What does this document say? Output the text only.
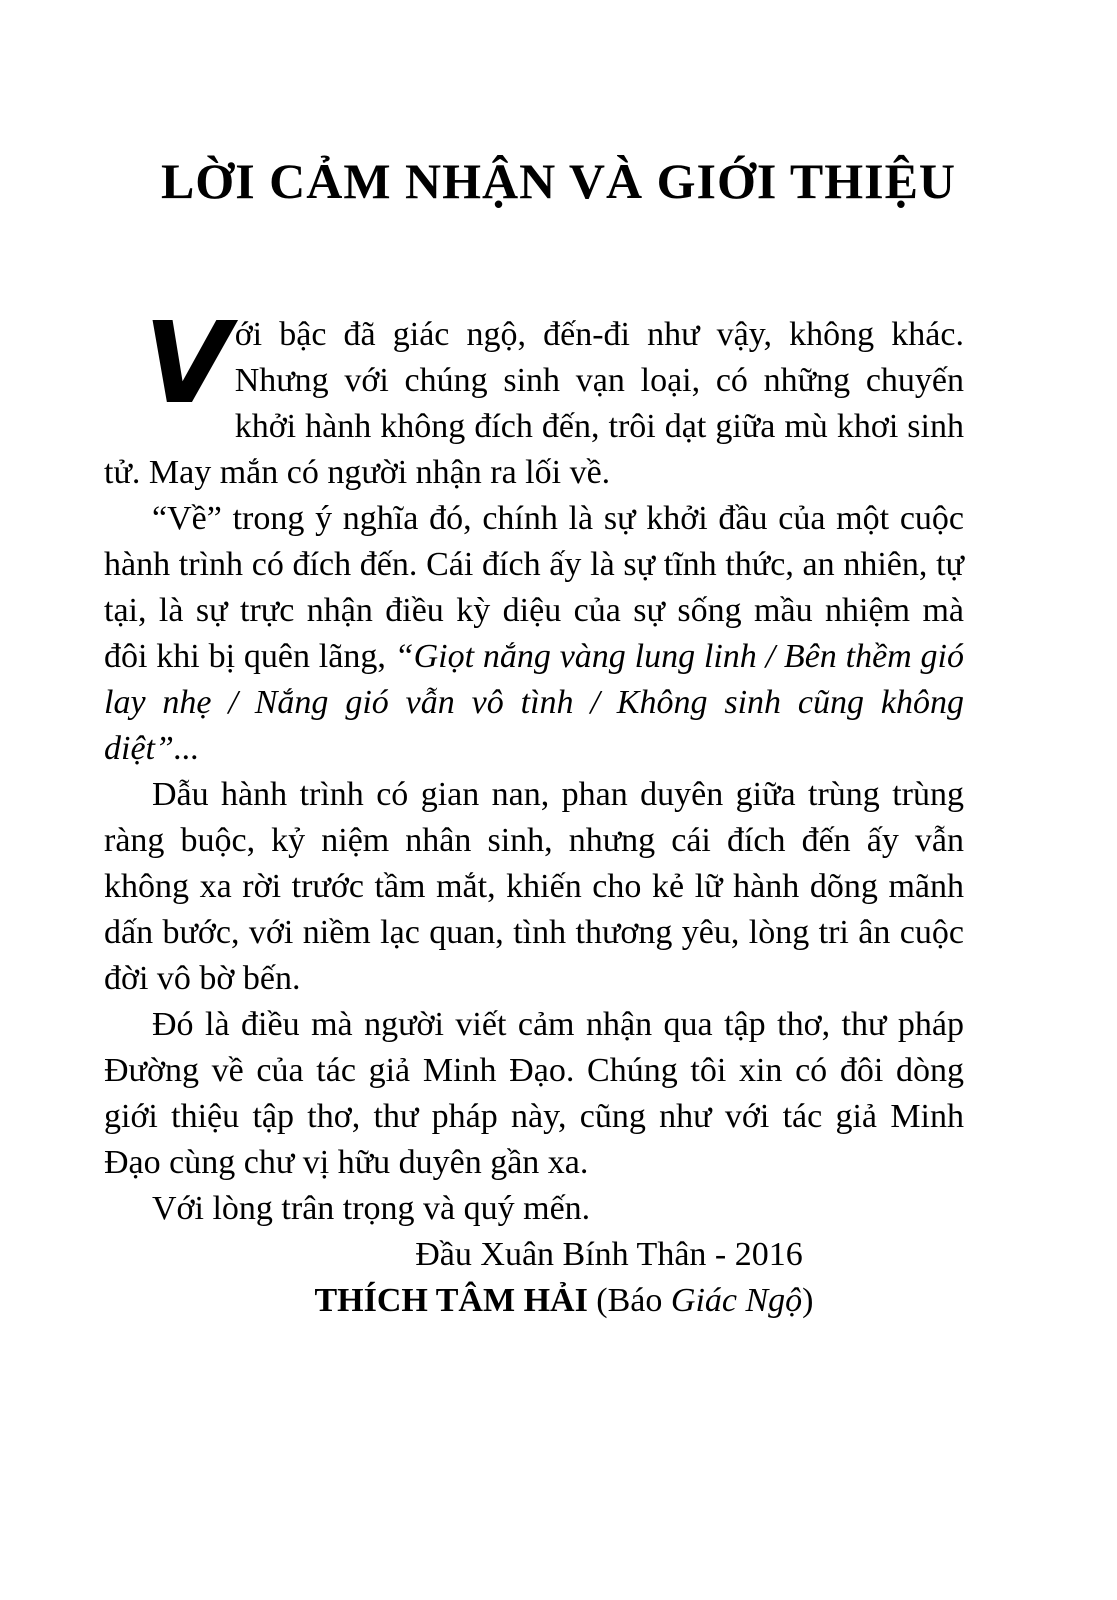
LỜI CẢM NHẬN VÀ GIỚI THIỆU

Với bậc đã giác ngộ, đến-đi như vậy, không khác. Nhưng với chúng sinh vạn loại, có những chuyến khởi hành không đích đến, trôi dạt giữa mù khơi sinh tử. May mắn có người nhận ra lối về.

“Về” trong ý nghĩa đó, chính là sự khởi đầu của một cuộc hành trình có đích đến. Cái đích ấy là sự tĩnh thức, an nhiên, tự tại, là sự trực nhận điều kỳ diệu của sự sống mầu nhiệm mà đôi khi bị quên lãng, “Giọt nắng vàng lung linh / Bên thềm gió lay nhẹ / Nắng gió vẫn vô tình / Không sinh cũng không diệt”...

Dẫu hành trình có gian nan, phan duyên giữa trùng trùng ràng buộc, kỷ niệm nhân sinh, nhưng cái đích đến ấy vẫn không xa rời trước tầm mắt, khiến cho kẻ lữ hành dõng mãnh dấn bước, với niềm lạc quan, tình thương yêu, lòng tri ân cuộc đời vô bờ bến.

Đó là điều mà người viết cảm nhận qua tập thơ, thư pháp Đường về của tác giả Minh Đạo. Chúng tôi xin có đôi dòng giới thiệu tập thơ, thư pháp này, cũng như với tác giả Minh Đạo cùng chư vị hữu duyên gần xa.

Với lòng trân trọng và quý mến.

Đầu Xuân Bính Thân - 2016

THÍCH TÂM HẢI (Báo Giác Ngộ)
